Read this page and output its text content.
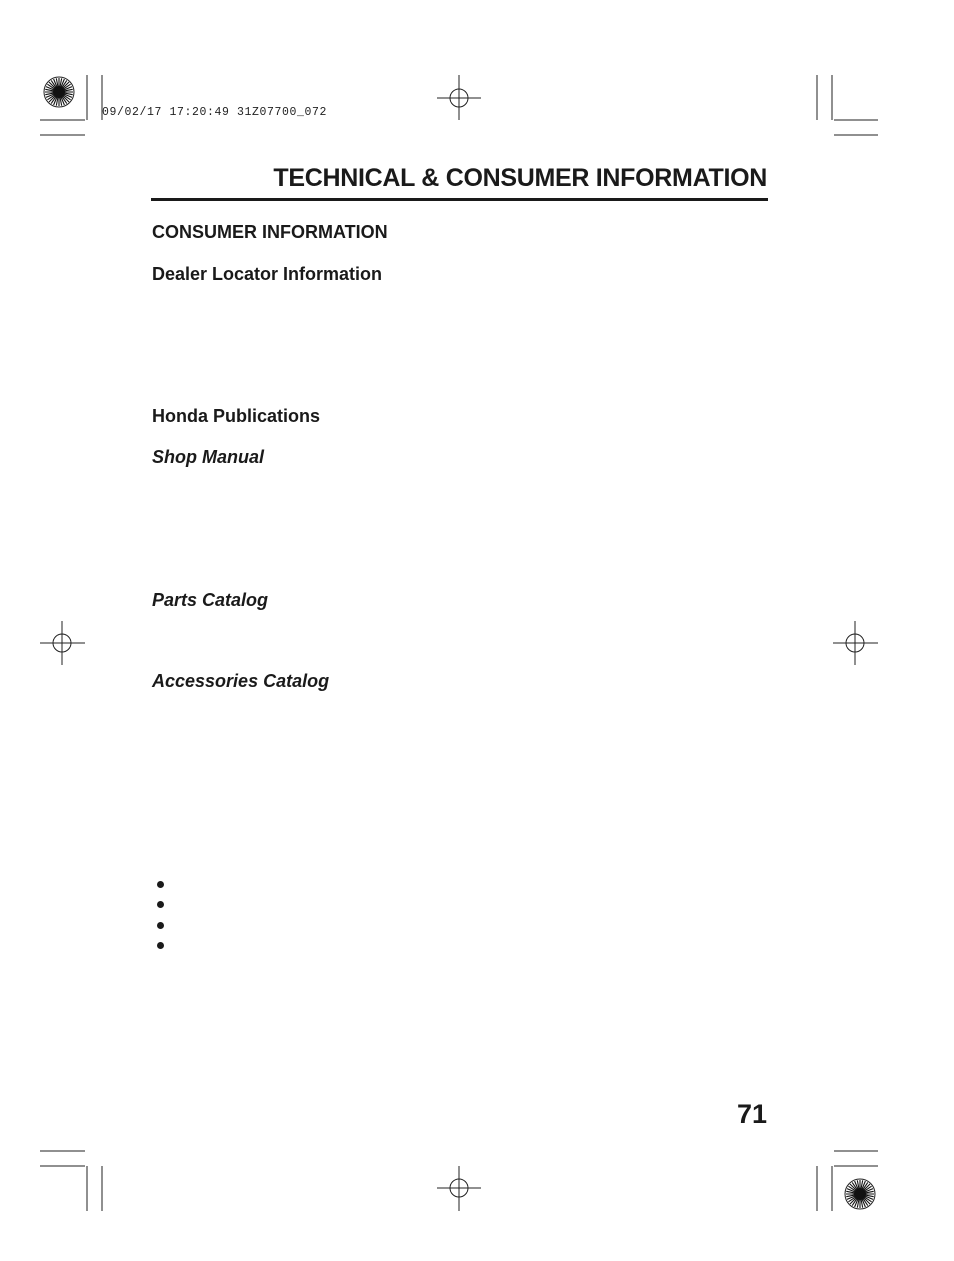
09/02/17 17:20:49 31Z07700_072
TECHNICAL & CONSUMER INFORMATION
CONSUMER INFORMATION
Dealer Locator Information
Honda Publications
Shop Manual
Parts Catalog
Accessories Catalog
71
